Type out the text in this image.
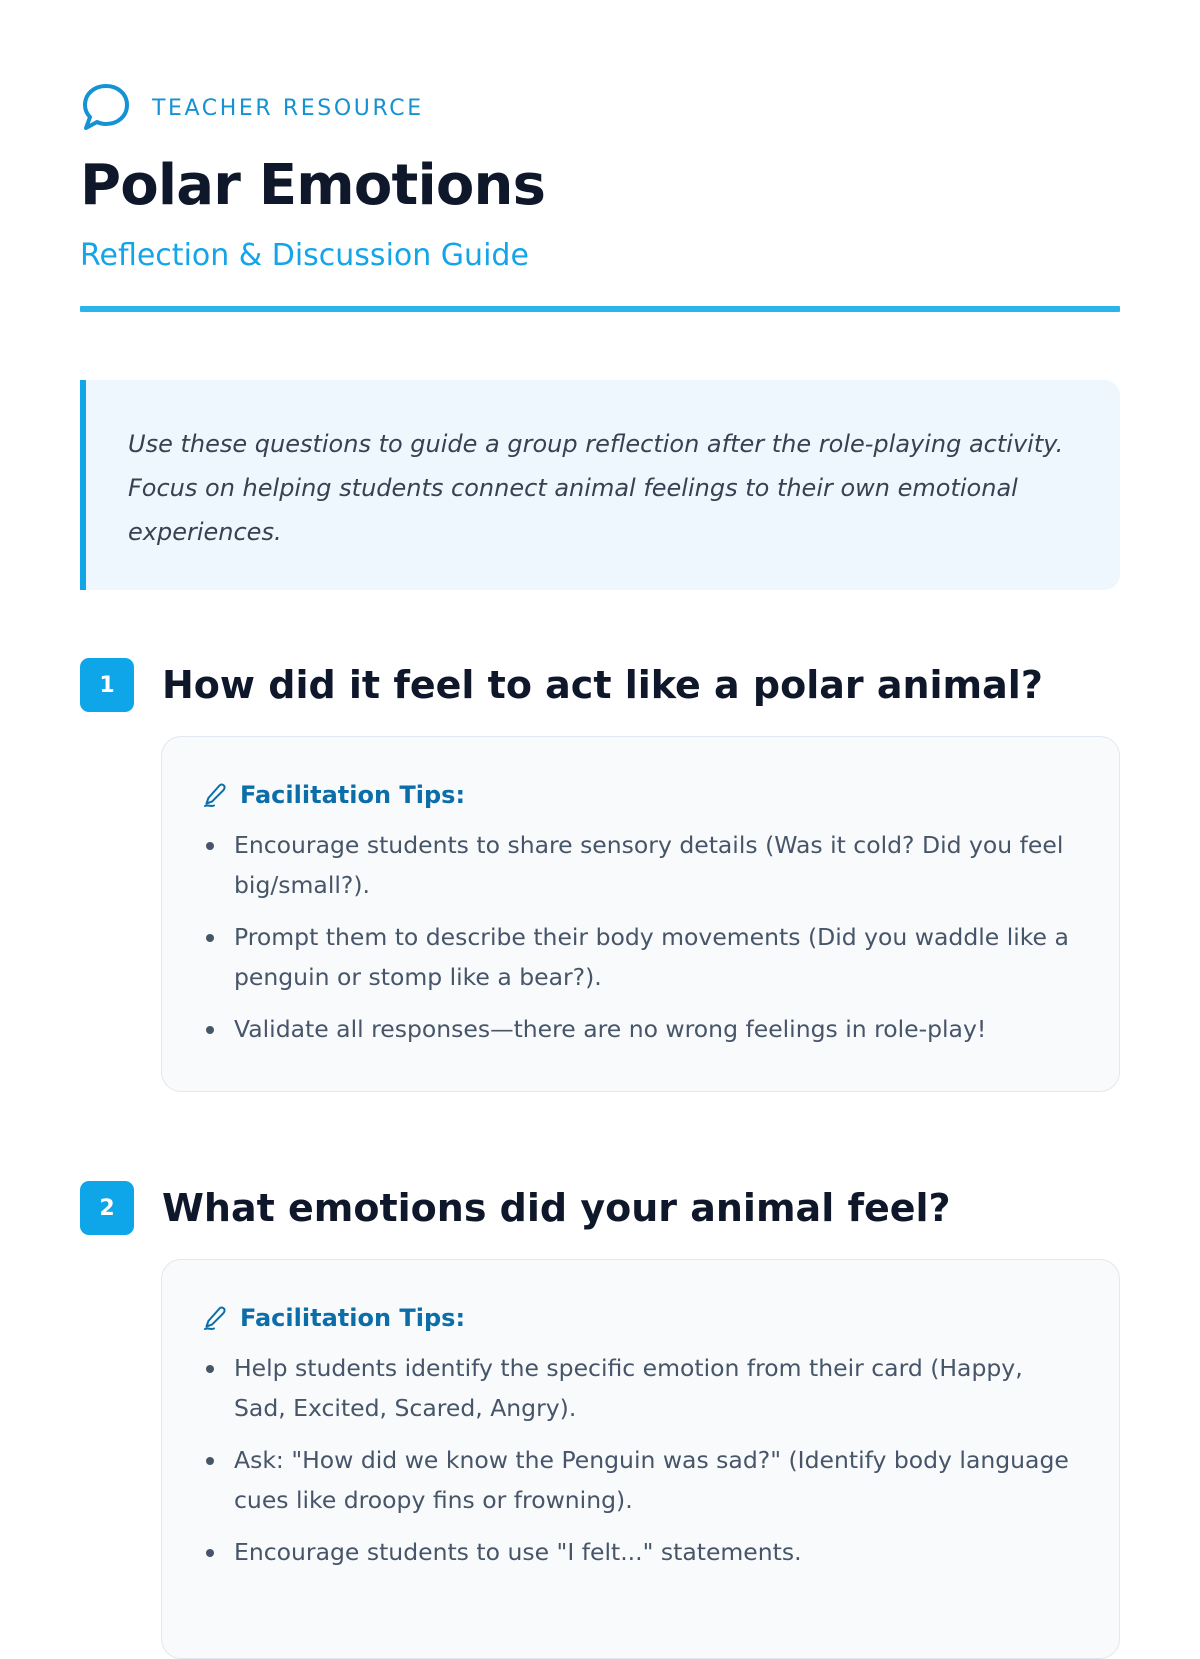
TEACHER RESOURCE
Polar Emotions
Reflection & Discussion Guide

Use these questions to guide a group reflection after the role-playing activity. Focus on helping students connect animal feelings to their own emotional experiences.

1	How did it feel to act like a polar animal?
Facilitation Tips:
Encourage students to share sensory details (Was it cold? Did you feel big/small?).
Prompt them to describe their body movements (Did you waddle like a penguin or stomp like a bear?).
Validate all responses—there are no wrong feelings in role-play!
2	What emotions did your animal feel?
Facilitation Tips:
Help students identify the specific emotion from their card (Happy, Sad, Excited, Scared, Angry).
Ask: "How did we know the Penguin was sad?" (Identify body language cues like droopy fins or frowning).
Encourage students to use "I felt..." statements.
